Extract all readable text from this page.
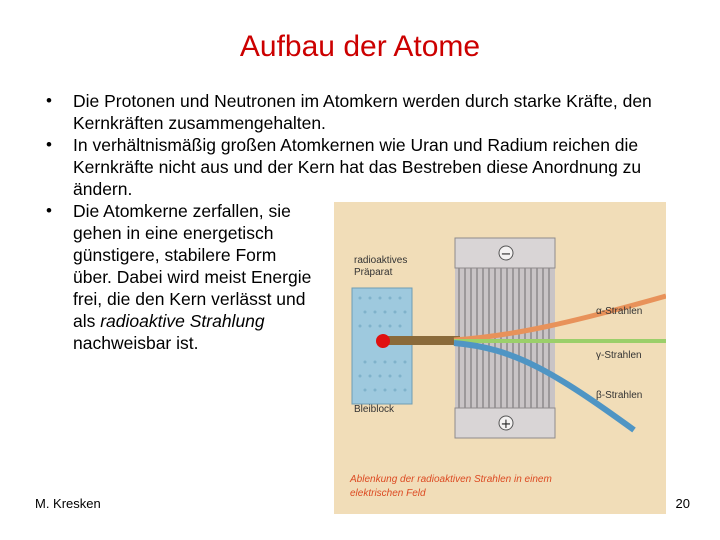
Aufbau der Atome
• Die Protonen und Neutronen im Atomkern werden durch starke Kräfte, den Kernkräften zusammengehalten.
• In verhältnismäßig großen Atomkernen wie Uran und Radium reichen die Kernkräfte nicht aus und der Kern hat das Bestreben diese Anordnung zu ändern.
• Die Atomkerne zerfallen, sie gehen in eine energetisch günstigere, stabilere Form über. Dabei wird meist Energie frei, die den Kern verlässt und als radioaktive Strahlung nachweisbar ist.
−
+
radioaktives
Präparat
Bleiblock
α-Strahlen
γ-Strahlen
β-Strahlen
Ablenkung der radioaktiven Strahlen in einem
elektrischen Feld
M. Kresken	20
